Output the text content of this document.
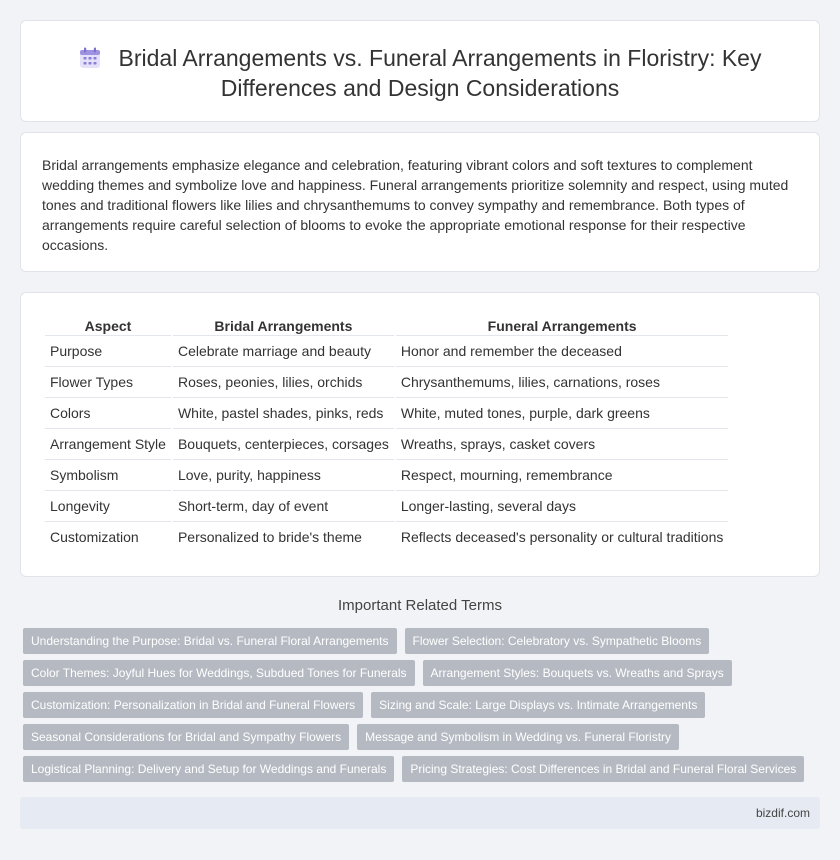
Bridal Arrangements vs. Funeral Arrangements in Floristry: Key Differences and Design Considerations
Bridal arrangements emphasize elegance and celebration, featuring vibrant colors and soft textures to complement wedding themes and symbolize love and happiness. Funeral arrangements prioritize solemnity and respect, using muted tones and traditional flowers like lilies and chrysanthemums to convey sympathy and remembrance. Both types of arrangements require careful selection of blooms to evoke the appropriate emotional response for their respective occasions.
Aspect	Bridal Arrangements	Funeral Arrangements
Purpose	Celebrate marriage and beauty	Honor and remember the deceased
Flower Types	Roses, peonies, lilies, orchids	Chrysanthemums, lilies, carnations, roses
Colors	White, pastel shades, pinks, reds	White, muted tones, purple, dark greens
Arrangement Style	Bouquets, centerpieces, corsages	Wreaths, sprays, casket covers
Symbolism	Love, purity, happiness	Respect, mourning, remembrance
Longevity	Short-term, day of event	Longer-lasting, several days
Customization	Personalized to bride's theme	Reflects deceased's personality or cultural traditions
Important Related Terms
Understanding the Purpose: Bridal vs. Funeral Floral Arrangements	Flower Selection: Celebratory vs. Sympathetic Blooms
Color Themes: Joyful Hues for Weddings, Subdued Tones for Funerals	Arrangement Styles: Bouquets vs. Wreaths and Sprays
Customization: Personalization in Bridal and Funeral Flowers	Sizing and Scale: Large Displays vs. Intimate Arrangements
Seasonal Considerations for Bridal and Sympathy Flowers	Message and Symbolism in Wedding vs. Funeral Floristry
Logistical Planning: Delivery and Setup for Weddings and Funerals	Pricing Strategies: Cost Differences in Bridal and Funeral Floral Services
bizdif.com
